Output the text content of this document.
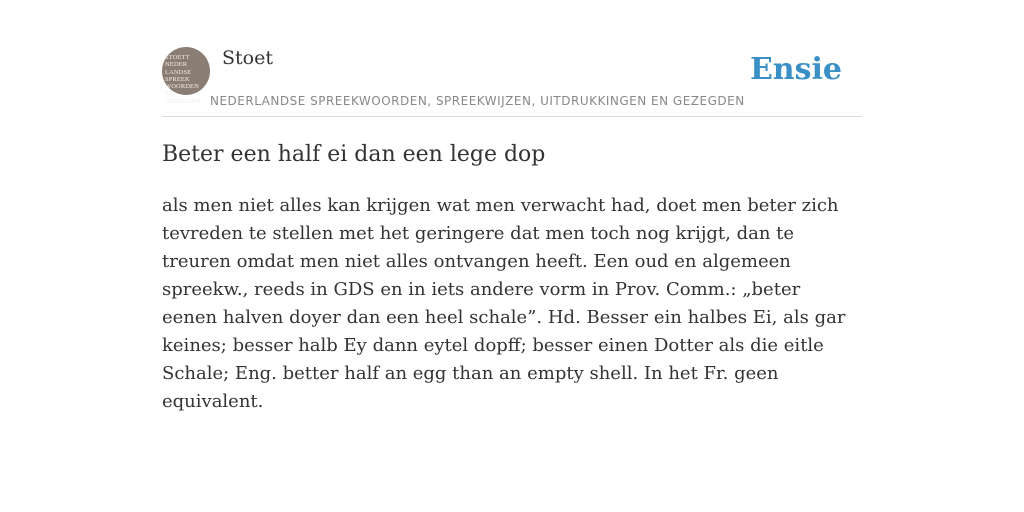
STOETT
NEDER
LANDSE
SPREEK
WOORDEN EN
GEZEGDEN
Stoet
NEDERLANDSE SPREEKWOORDEN, SPREEKWIJZEN, UITDRUKKINGEN EN GEZEGDEN
Ensie
Beter een half ei dan een lege dop

als men niet alles kan krijgen wat men verwacht had, doet men beter zich tevreden te stellen met het geringere dat men toch nog krijgt, dan te treuren omdat men niet alles ontvangen heeft. Een oud en algemeen spreekw., reeds in GDS en in iets andere vorm in Prov. Comm.: „beter eenen halven doyer dan een heel schale”. Hd. Besser ein halbes Ei, als gar keines; besser halb Ey dann eytel dopff; besser einen Dotter als die eitle Schale; Eng. better half an egg than an empty shell. In het Fr. geen equivalent.
